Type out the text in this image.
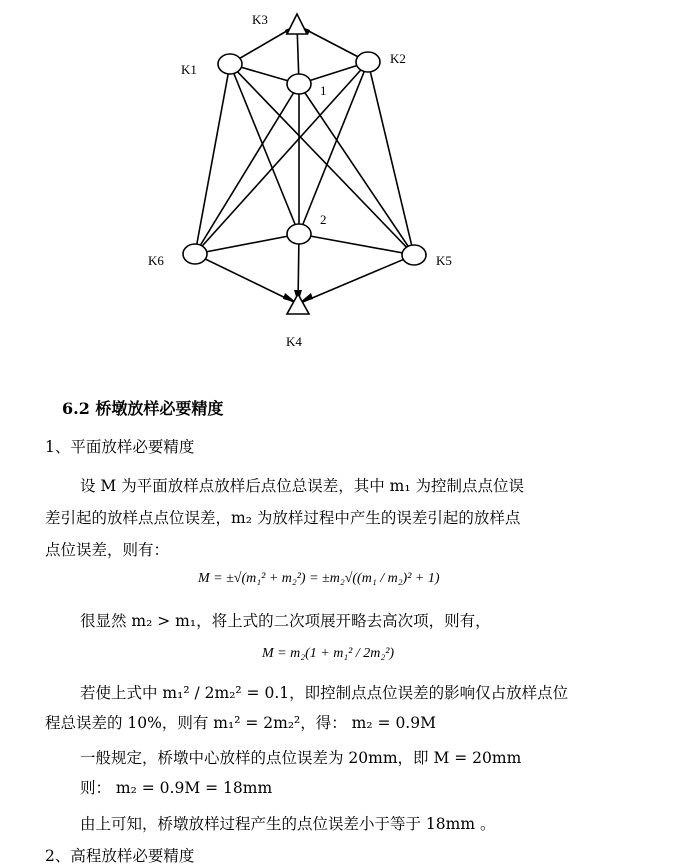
K3
K1
K2
1
2
K6	K5
K4
6.2 桥墩放样必要精度
1、平面放样必要精度
设 M 为平面放样点放样后点位总误差，其中 m₁ 为控制点点位误
差引起的放样点点位误差，m₂ 为放样过程中产生的误差引起的放样点
点位误差，则有：
M = ±√(m₁² + m₂²) = ±m₂√((m₁ / m₂)² + 1)
很显然 m₂ > m₁，将上式的二次项展开略去高次项，则有，
M = m₂(1 + m₁² / 2m₂²)
若使上式中 m₁² / 2m₂² = 0.1，即控制点点位误差的影响仅占放样点位
程总误差的 10%，则有 m₁² = 2m₂²，得： m₂ = 0.9M
一般规定，桥墩中心放样的点位误差为 20mm，即 M = 20mm
则： m₂ = 0.9M = 18mm
由上可知，桥墩放样过程产生的点位误差小于等于 18mm 。
2、高程放样必要精度
